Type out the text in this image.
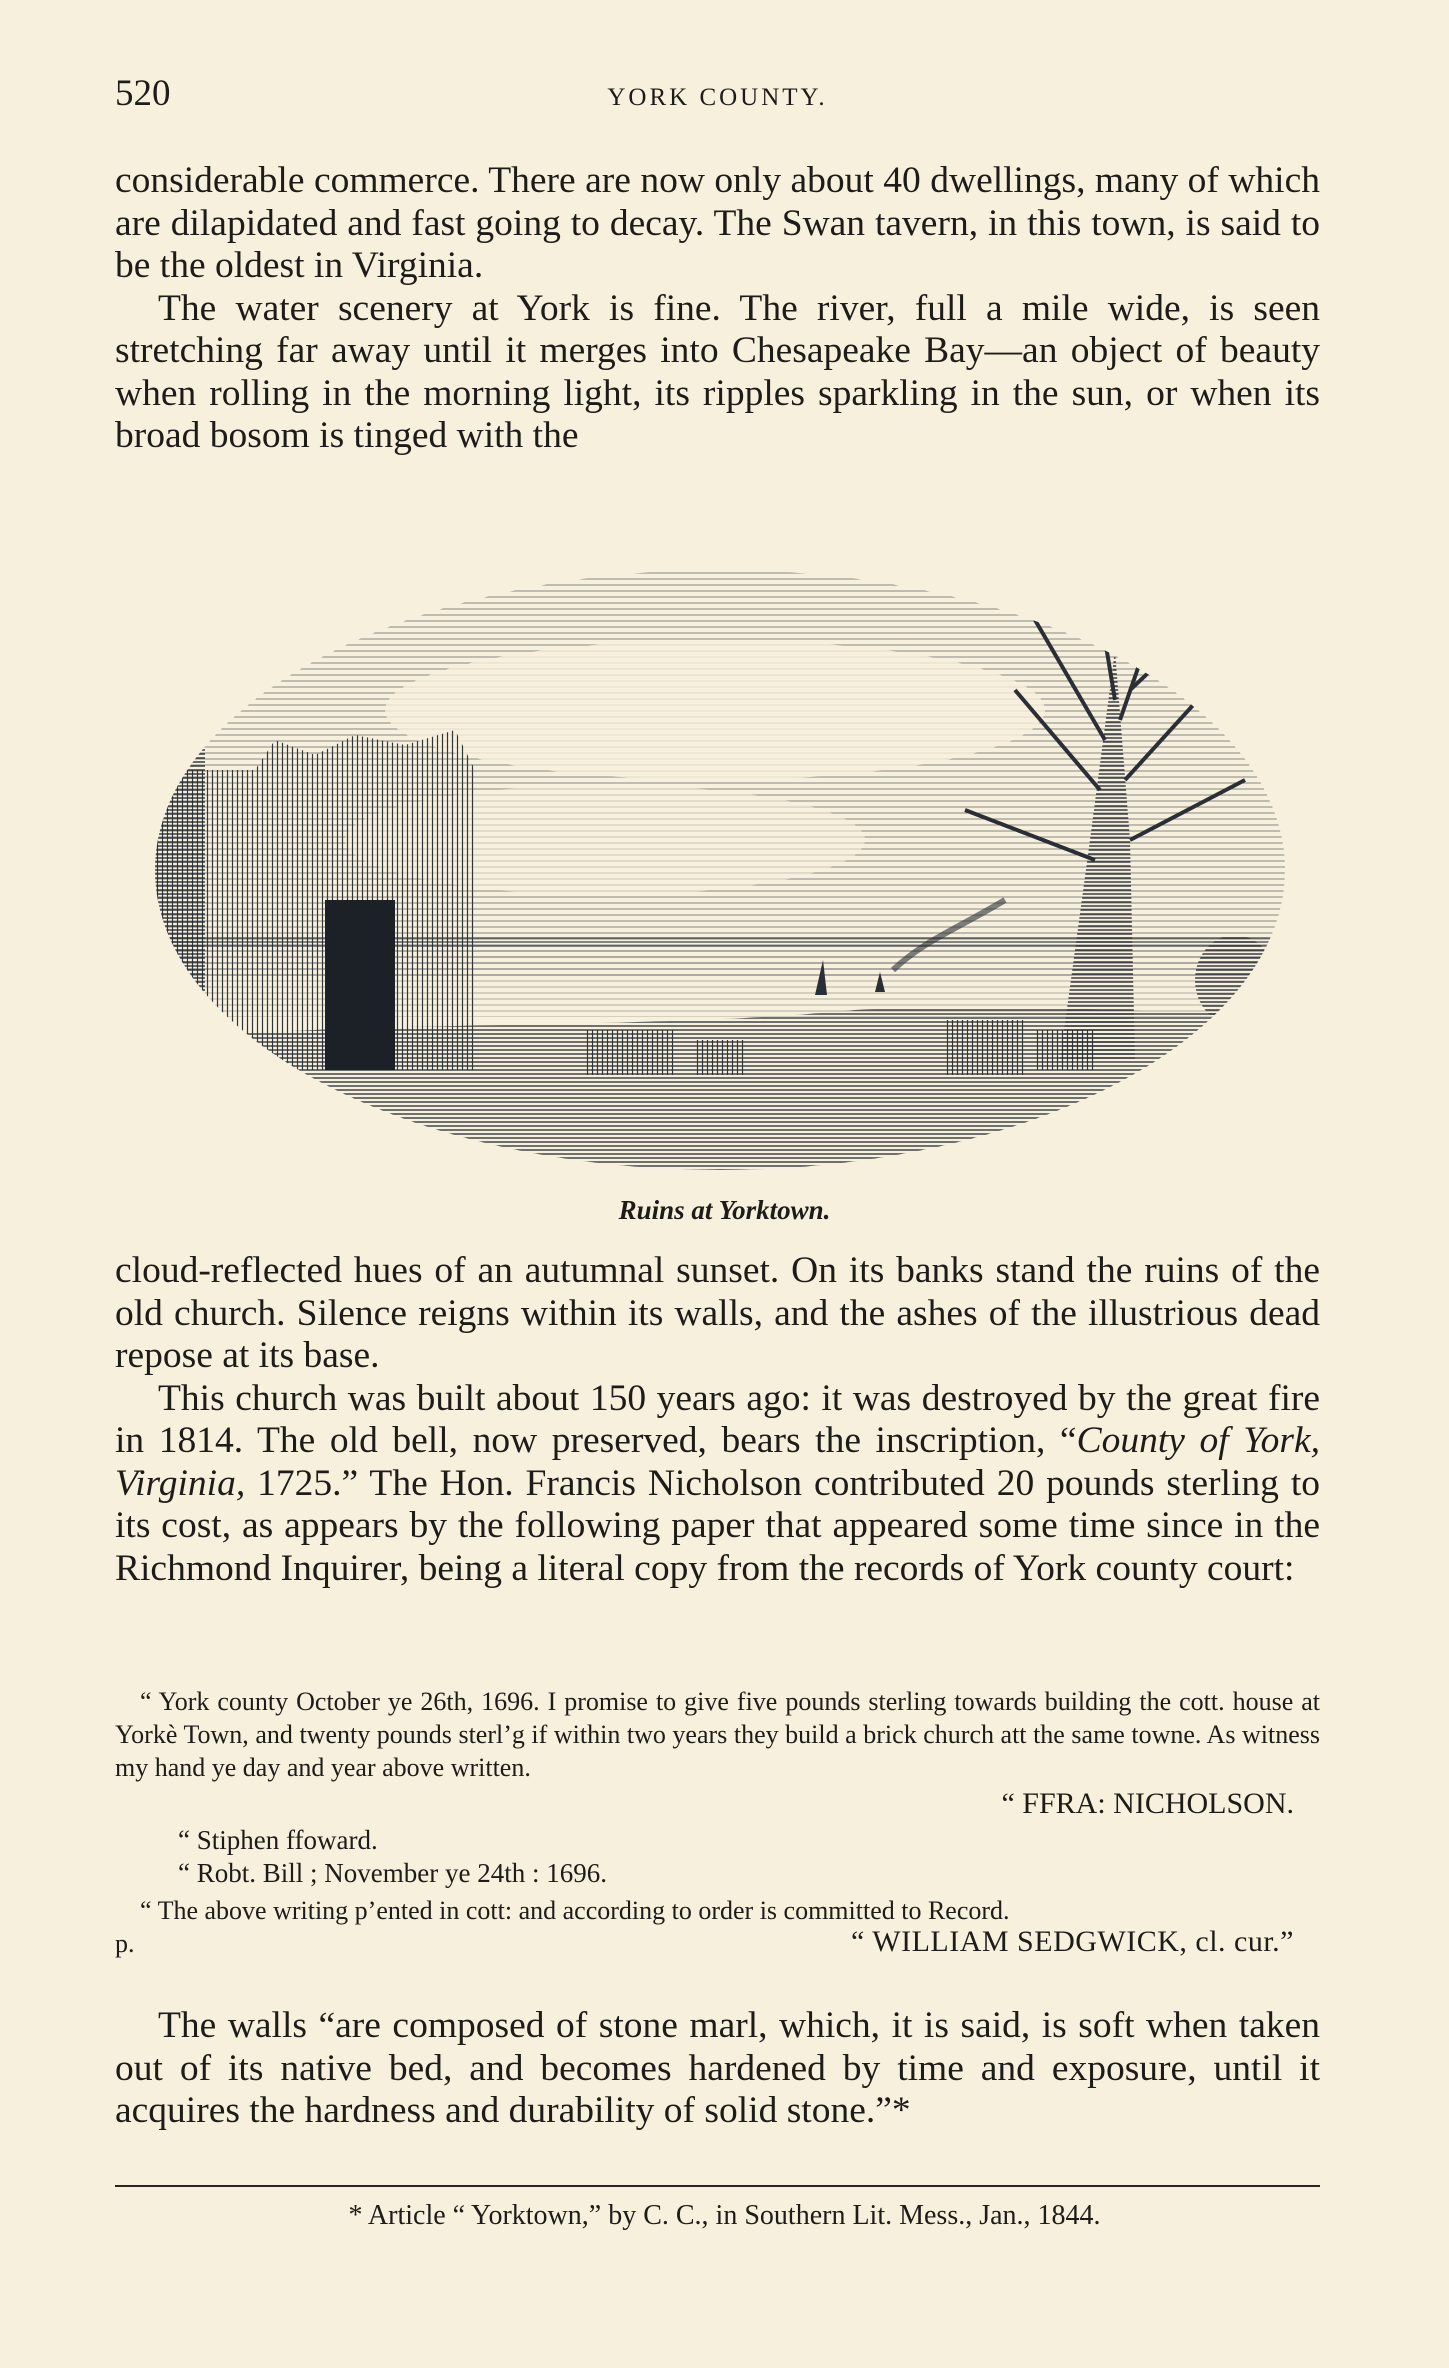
520	YORK COUNTY.

considerable commerce. There are now only about 40 dwellings, many of which are dilapidated and fast going to decay. The Swan tavern, in this town, is said to be the oldest in Virginia.

The water scenery at York is fine. The river, full a mile wide, is seen stretching far away until it merges into Chesapeake Bay—an object of beauty when rolling in the morning light, its ripples sparkling in the sun, or when its broad bosom is tinged with the

Ruins at Yorktown.

cloud-reflected hues of an autumnal sunset. On its banks stand the ruins of the old church. Silence reigns within its walls, and the ashes of the illustrious dead repose at its base.

This church was built about 150 years ago: it was destroyed by the great fire in 1814. The old bell, now preserved, bears the inscription, “County of York, Virginia, 1725.” The Hon. Francis Nicholson contributed 20 pounds sterling to its cost, as appears by the following paper that appeared some time since in the Richmond Inquirer, being a literal copy from the records of York county court:

“ York county October ye 26th, 1696. I promise to give five pounds sterling towards building the cott. house at Yorkè Town, and twenty pounds sterl’g if within two years they build a brick church att the same towne. As witness my hand ye day and year above written.

“ FFRA: NICHOLSON.
“ Stiphen ffoward.
“ Robt. Bill ; November ye 24th : 1696.

“ The above writing p’ented in cott: and according to order is committed to Record.

p.	“ WILLIAM SEDGWICK, cl. cur.”

The walls “are composed of stone marl, which, it is said, is soft when taken out of its native bed, and becomes hardened by time and exposure, until it acquires the hardness and durability of solid stone.”*

* Article “ Yorktown,” by C. C., in Southern Lit. Mess., Jan., 1844.
